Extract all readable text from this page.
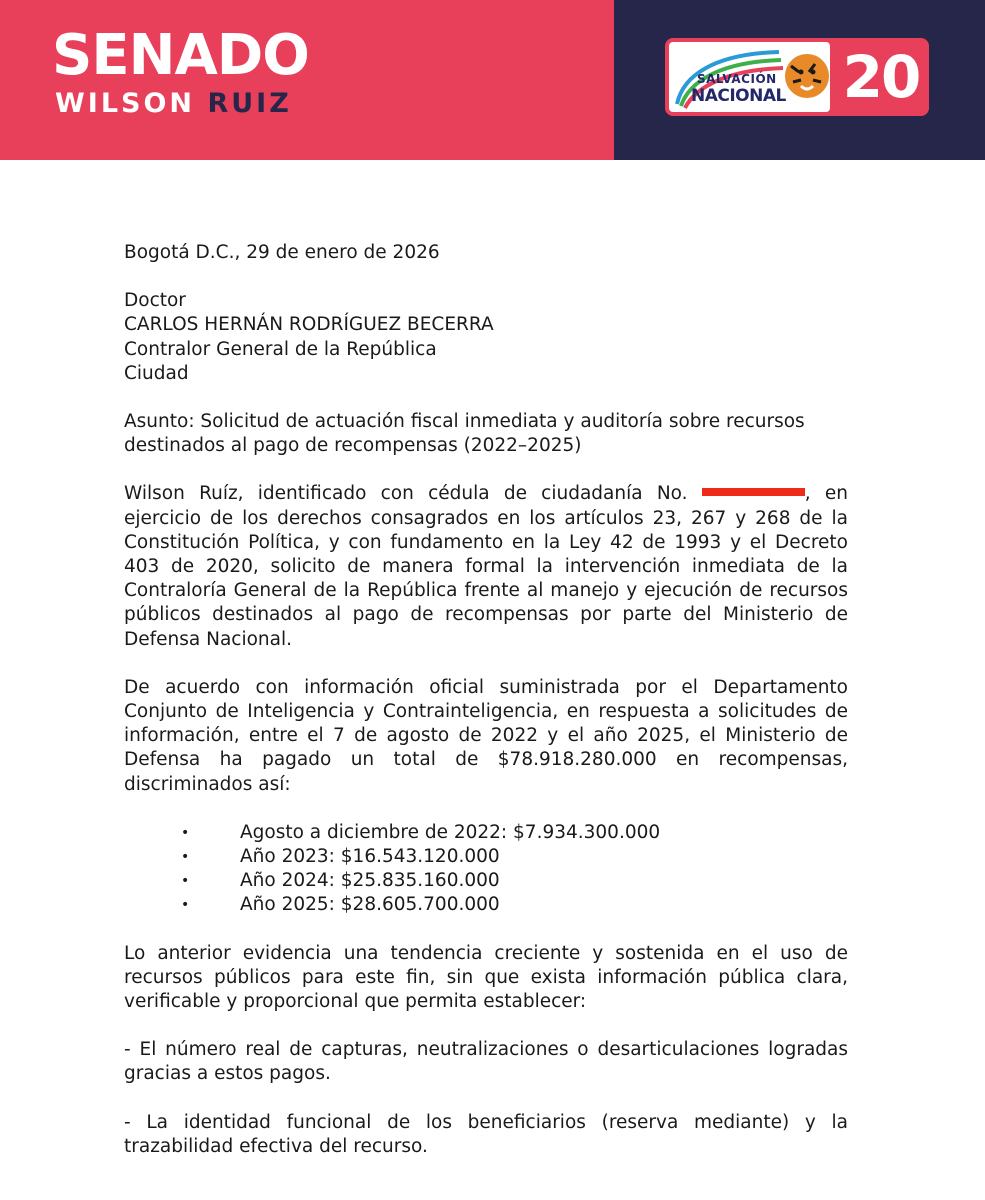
SENADO

WILSON RUIZ

SALVACIÓN
NACIONAL 20

Bogotá D.C., 29 de enero de 2026

Doctor

CARLOS HERNÁN RODRÍGUEZ BECERRA

Contralor General de la República

Ciudad

Asunto: Solicitud de actuación fiscal inmediata y auditoría sobre recursos destinados al pago de recompensas (2022–2025)

Wilson Ruíz, identificado con cédula de ciudadanía No.	, en ejercicio de los derechos consagrados en los artículos 23, 267 y 268 de la Constitución Política, y con fundamento en la Ley 42 de 1993 y el Decreto 403 de 2020, solicito de manera formal la intervención inmediata de la Contraloría General de la República frente al manejo y ejecución de recursos públicos destinados al pago de recompensas por parte del Ministerio de Defensa Nacional.

De acuerdo con información oficial suministrada por el Departamento Conjunto de Inteligencia y Contrainteligencia, en respuesta a solicitudes de información, entre el 7 de agosto de 2022 y el año 2025, el Ministerio de Defensa ha pagado un total de $78.918.280.000 en recompensas, discriminados así:

•	Agosto a diciembre de 2022: $7.934.300.000
•	Año 2023: $16.543.120.000
•	Año 2024: $25.835.160.000
•	Año 2025: $28.605.700.000

Lo anterior evidencia una tendencia creciente y sostenida en el uso de recursos públicos para este fin, sin que exista información pública clara, verificable y proporcional que permita establecer:

- El número real de capturas, neutralizaciones o desarticulaciones logradas gracias a estos pagos.

- La identidad funcional de los beneficiarios (reserva mediante) y la trazabilidad efectiva del recurso.
